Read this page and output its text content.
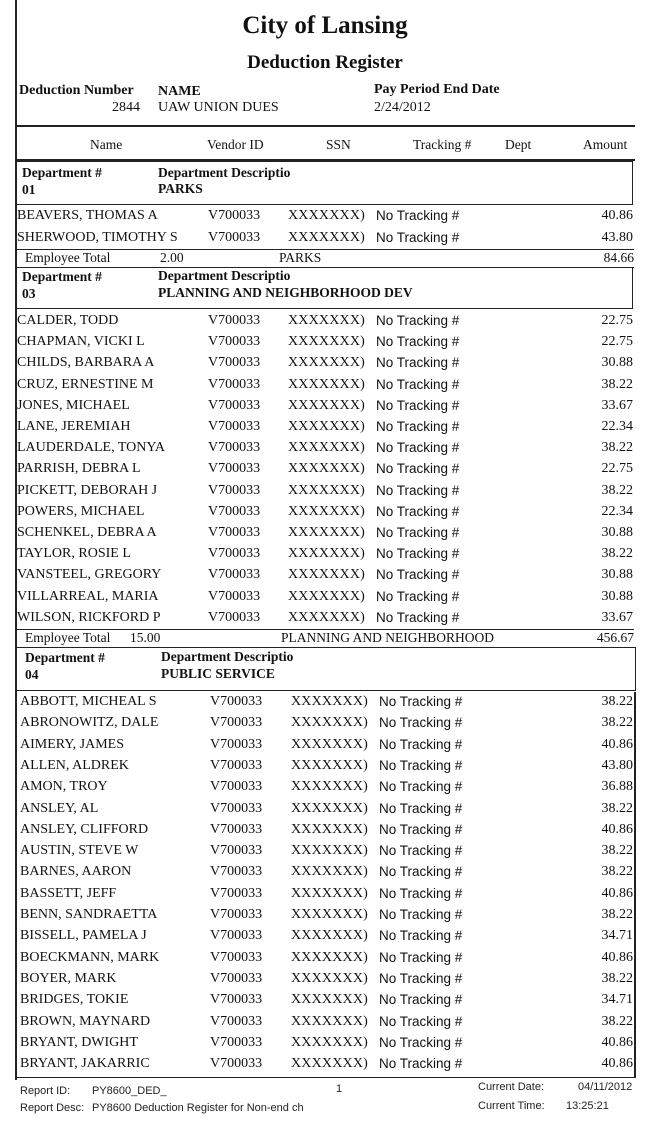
City of Lansing
Deduction Register
Deduction Number
2844
NAME
UAW UNION DUES
Pay Period End Date
2/24/2012
Name	Vendor ID	SSN	Tracking # Dept	Amount
Department #
01
Department Descriptio
PARKS
BEAVERS, THOMAS A	V700033 XXXXXXX) No Tracking #	40.86
SHERWOOD, TIMOTHY S V700033 XXXXXXX) No Tracking #	43.80
Employee Total	2.00	PARKS	84.66
Department #
03
Department Descriptio
PLANNING AND NEIGHBORHOOD DEV
CALDER, TODD	V700033 XXXXXXX) No Tracking #	22.75
CHAPMAN, VICKI L	V700033 XXXXXXX) No Tracking #	22.75
CHILDS, BARBARA A	V700033 XXXXXXX) No Tracking #	30.88
CRUZ, ERNESTINE M	V700033 XXXXXXX) No Tracking #	38.22
JONES, MICHAEL	V700033 XXXXXXX) No Tracking #	33.67
LANE, JEREMIAH	V700033 XXXXXXX) No Tracking #	22.34
LAUDERDALE, TONYA	V700033 XXXXXXX) No Tracking #	38.22
PARRISH, DEBRA L	V700033 XXXXXXX) No Tracking #	22.75
PICKETT, DEBORAH J	V700033 XXXXXXX) No Tracking #	38.22
POWERS, MICHAEL	V700033 XXXXXXX) No Tracking #	22.34
SCHENKEL, DEBRA A	V700033 XXXXXXX) No Tracking #	30.88
TAYLOR, ROSIE L	V700033 XXXXXXX) No Tracking #	38.22
VANSTEEL, GREGORY	V700033 XXXXXXX) No Tracking #	30.88
VILLARREAL, MARIA	V700033 XXXXXXX) No Tracking #	30.88
WILSON, RICKFORD P	V700033 XXXXXXX) No Tracking #	33.67
Employee Total 15.00	PLANNING AND NEIGHBORHOOD	456.67
Department #
04
Department Descriptio
PUBLIC SERVICE
ABBOTT, MICHEAL S	V700033 XXXXXXX) No Tracking #	38.22
ABRONOWITZ, DALE	V700033 XXXXXXX) No Tracking #	38.22
AIMERY, JAMES	V700033 XXXXXXX) No Tracking #	40.86
ALLEN, ALDREK	V700033 XXXXXXX) No Tracking #	43.80
AMON, TROY	V700033 XXXXXXX) No Tracking #	36.88
ANSLEY, AL	V700033 XXXXXXX) No Tracking #	38.22
ANSLEY, CLIFFORD	V700033 XXXXXXX) No Tracking #	40.86
AUSTIN, STEVE W	V700033 XXXXXXX) No Tracking #	38.22
BARNES, AARON	V700033 XXXXXXX) No Tracking #	38.22
BASSETT, JEFF	V700033 XXXXXXX) No Tracking #	40.86
BENN, SANDRAETTA	V700033 XXXXXXX) No Tracking #	38.22
BISSELL, PAMELA J	V700033 XXXXXXX) No Tracking #	34.71
BOECKMANN, MARK	V700033 XXXXXXX) No Tracking #	40.86
BOYER, MARK	V700033 XXXXXXX) No Tracking #	38.22
BRIDGES, TOKIE	V700033 XXXXXXX) No Tracking #	34.71
BROWN, MAYNARD	V700033 XXXXXXX) No Tracking #	38.22
BRYANT, DWIGHT	V700033 XXXXXXX) No Tracking #	40.86
BRYANT, JAKARRIC	V700033 XXXXXXX) No Tracking #	40.86
Report ID: PY8600_DED_	1	Current Date:	04/11/2012
Report Desc: PY8600 Deduction Register for Non-end ch	Current Time: 13:25:21
